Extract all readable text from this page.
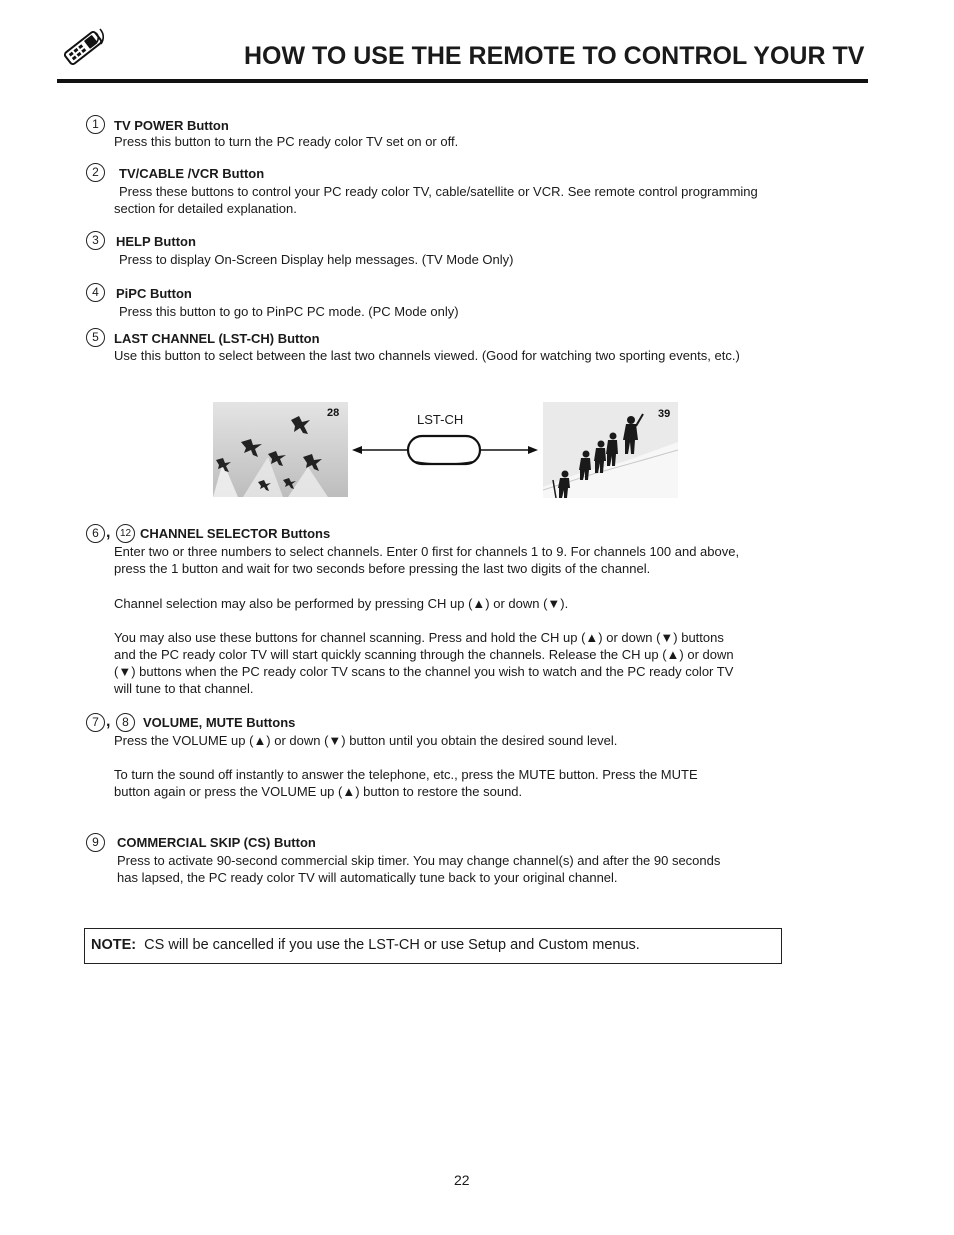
HOW TO USE THE REMOTE TO CONTROL YOUR TV
1	TV POWER Button
Press this button to turn the PC ready color TV set on or off.
2	TV/CABLE /VCR Button
Press these buttons to control your PC ready color TV, cable/satellite or VCR. See remote control programming
section for detailed explanation.
3	HELP Button
Press to display On-Screen Display help messages. (TV Mode Only)
4	PiPC Button
Press this button to go to PinPC PC mode. (PC Mode only)
5	LAST CHANNEL (LST-CH) Button
Use this button to select between the last two channels viewed. (Good for watching two sporting events, etc.)
28	LST-CH	39
6 , 12 CHANNEL SELECTOR Buttons
Enter two or three numbers to select channels. Enter 0 first for channels 1 to 9. For channels 100 and above,
press the 1 button and wait for two seconds before pressing the last two digits of the channel.
Channel selection may also be performed by pressing CH up (▲) or down (▼).
You may also use these buttons for channel scanning. Press and hold the CH up (▲) or down (▼) buttons
and the PC ready color TV will start quickly scanning through the channels. Release the CH up (▲) or down
(▼) buttons when the PC ready color TV scans to the channel you wish to watch and the PC ready color TV
will tune to that channel.
7 , 8	VOLUME, MUTE Buttons
Press the VOLUME up (▲) or down (▼) button until you obtain the desired sound level.
To turn the sound off instantly to answer the telephone, etc., press the MUTE button. Press the MUTE
button again or press the VOLUME up (▲) button to restore the sound.
9	COMMERCIAL SKIP (CS) Button
Press to activate 90-second commercial skip timer. You may change channel(s) and after the 90 seconds
has lapsed, the PC ready color TV will automatically tune back to your original channel.
NOTE: CS will be cancelled if you use the LST-CH or use Setup and Custom menus.
22
